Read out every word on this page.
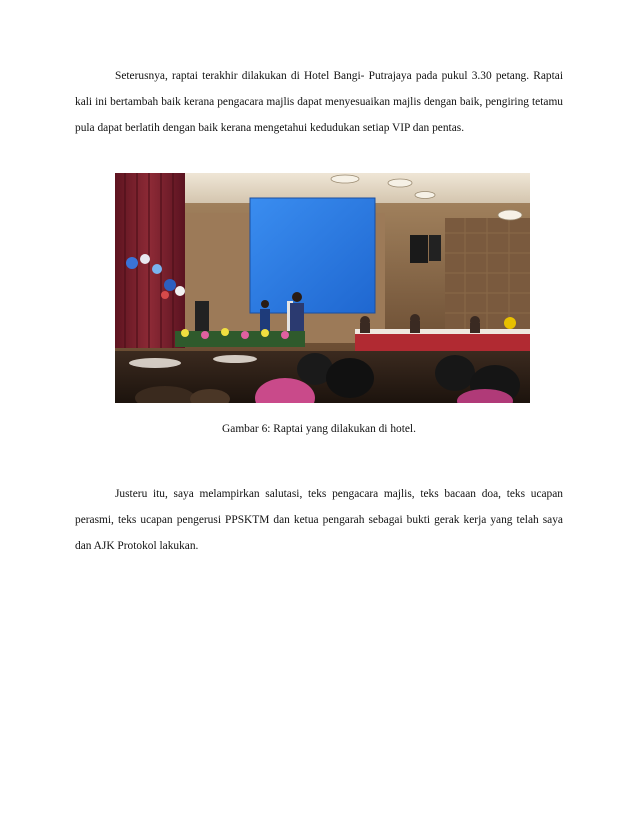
Seterusnya, raptai terakhir dilakukan di Hotel Bangi- Putrajaya pada pukul 3.30 petang. Raptai kali ini bertambah baik kerana pengacara majlis dapat menyesuaikan majlis dengan baik, pengiring tetamu pula dapat berlatih dengan baik kerana mengetahui kedudukan setiap VIP dan pentas.

Gambar 6: Raptai yang dilakukan di hotel.

Justeru itu, saya melampirkan salutasi, teks pengacara majlis, teks bacaan doa, teks ucapan perasmi, teks ucapan pengerusi PPSKTM dan ketua pengarah sebagai bukti gerak kerja yang telah saya dan AJK Protokol lakukan.
